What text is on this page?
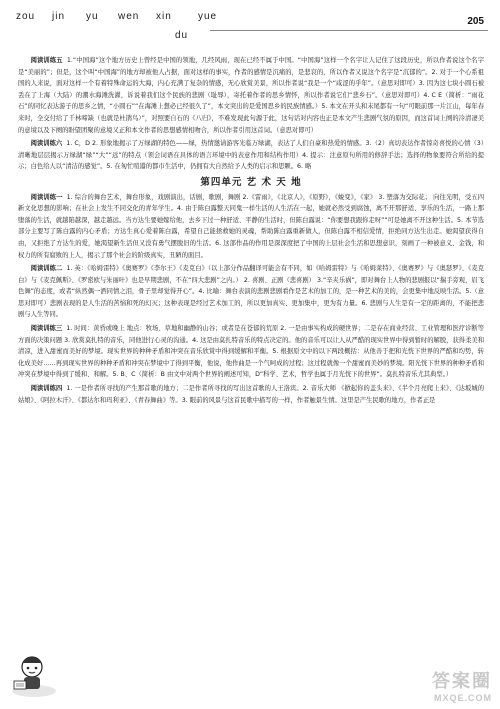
zou jin yu wen xin	yue
du
205

阅读训练五 1.“中国海”这个地方历史上曾经是中国的领地，几经风雨，现在已经不属于中国。“中国海”这样一个名字让人记住了这段历史，所以作者说这个名字是“美丽的”；但是，这个叫“中国海”的地方却被他人占据，面对这样的事实，作者的感情是沉痛的，是悲哀的，所以作者又说这个名字是“沉郁的”。2. 对于一个心系祖国的人来说，面对这样一个有着特殊命运的大海，内心充满了复杂的情感，无心欣赏美景，所以作者说“我是一个“咸涩的乎年”。（意思对即可）3. 因为这七块小圆石被丢在了上海（大陆）的潮水海滩洗濯，诉说着我们这个民族的悲剧（耻辱），寄托着作者的思乡情怀，所以作者说它们“悲乡石”。（意思对即可）4. C E（简析：“雨花石”的同忆表达游子的思乡之情，“小圆石”“在海滩上想必已经很久了”，本文突出的是爱国思乡的民族情感。）5. 本文在开头和末尾都有一句“可眼前那一片江山，每年春来时，全交付给了千林啼缺（也就是杜鹃鸟）”，对照要自石的《八归》，不难发现此句源于此，这句话对内容也正是本文产生悲剧气氛的原因，而这首词上阕的冷清凄美的意境以及下阕的盼望团聚的意境又正和本文作者的思想感情相吻合，所以作者引用这首词。（意思对即可）

阅读训练六 1. C，D 2. 形象地揭示了万绿湖的特色——绿，热情邀请游客光临万绿湖，表达了人们自豪和热爱的情感。3.（2）真切表达作者惊奇喜悦的心情（3）清晰地层层揭示万绿湖“绿”“大”“远”的特点（领会词语在具体的语言环境中的表意作用和结构作用）4. 提示：注意原句所用的修辞手法；选择的物象要符合所给的提示；白色给人以“清洁的感觉”。5. 在匆忙喧嚣的都市生活中，仍拥有大自然给予人类的启示和思颗。6. 略

第四单元 艺 术 天 地

阅读训练一 1. 综合的舞台艺术，舞台形象，戏剧演出，话剧，歌剧，舞剧 2.《雷雨》，《北京人》，《原野》，《蜕变》，《家》 3. 塑落为交际花； 向往光明，受五四新文化思想的影响；在社会上发生不同交化的青年学生。4. 由于陈白露整天同鬼一样生活的人生活在一起，她就必然受到腐蚀，离不开那舒适、享乐的生活，一路上那堕落的生活，就越陷越深，越走越远。当方达生要她嫁给他，去乡下过一种舒适、平静的生活时，但陈白露说：“你要想我跟你走呀”“可是她离不开这种生活。5. 本节选部分主要写了陈白露的内心矛盾；方达生真心爱着陈白露，希望自己能拯救她的灵魂，帮助陈白露重新做人，但陈白露不相信爱情，拒绝同方达生出走。她渴望获得自由，又拒绝了方达生的爱，她渴望新生活但又没有勇气摆脱旧的生活。6. 这部作品的作用是深深度把了中国的上层社会生活和思想意识，刻画了一种被意义、金钱，和权力的所有腐败的上人，揭示了那个社会的阶级真实，丑陋的面目。

阅读训练二 1. 英：《哈姆雷特》《奥赛罗》《李尔王》《麦克白》（以上部分作品翻译可能会有不同，如《哈姆雷特》与《哈姆莱特》、《奥赛罗》与《奥瑟罗》、《麦克白》与《麦克佩斯》、《罗密欧与朱丽叶》也是早期悲剧，不在“四大悲剧”之内。） 2. 喜剧、正剧（悲喜剧） 3.“辛夹乐祸”，即对舞台上人物的悲剧报以“揣手旁观，眉飞色舞”的态度，或者“纵然偶一洒同情之泪，骨子里却觉得开心”。4. 比喻：舞台表演的悲剧悲剧看作是艺术的加工的，是一种艺术的美的，会更集中地反映生活。5.（意思对即可）悲剧表现的是人生活的苦恼和死的幻灭；这种表现是经过艺术加工的，所以更加真实、更加集中，更为有力量。6. 悲剧与人生是有一定的距离的，不能把悲剧与人生等同。

阅读训练三 1. 时间：黄昏或晚上 地点：牧场、草地和幽静的山谷；或者是在苍郁的荒原 2. 一是由事实构成的硬世界；二是存在商业经营、工业管理和医疗诊断等方面的决策问题 3. 欣赏莫扎特的音乐，同他进行心灵的沟通。4. 这是由莫扎特音乐的特点决定的。他的音乐可以让人从严酷的现实世界中得到暂时的解脱，获得柔美和清凉，进入甜蜜而美好的梦境。现实世界的种种矛盾和冲突在音乐欣赏中得到缓解和平衡。5. 根据原文中的以下两段概括：从他善于把和光恍下世界的严酷和均势，转化成美好……再到现实世界的种种矛盾和冲突在梦境中了得到平衡，他说，他作曲是一个气呵成的过程；这过程就像一个甜蜜而美妙的梦境。阳光恍下世界的种种矛盾和冲突在梦境中得到了缓和、和解。5. B、C（简析：B 由文中对两个世界的阐述可知，D“科学、艺术，哲学也属于月光恍下的世界”。莫扎特音乐尤其典型。）

阅读训练四 1. 一是作者所寻找的产生那首歌的地方；二是作者所寻找的写出这首歌的人王洛宾。2. 音乐大师 《掀起你的盖头来》、《半个月亮爬上来》、《达坂城的姑娘》、《阿拉木汗》、《都达尔和玛利亚》、《青春舞曲》等。3. 眼前的风景与这首民歌中描写的一样，作者触景生情。这里是产生民歌的地方，作者正是

答案圈
MXQE.COM
